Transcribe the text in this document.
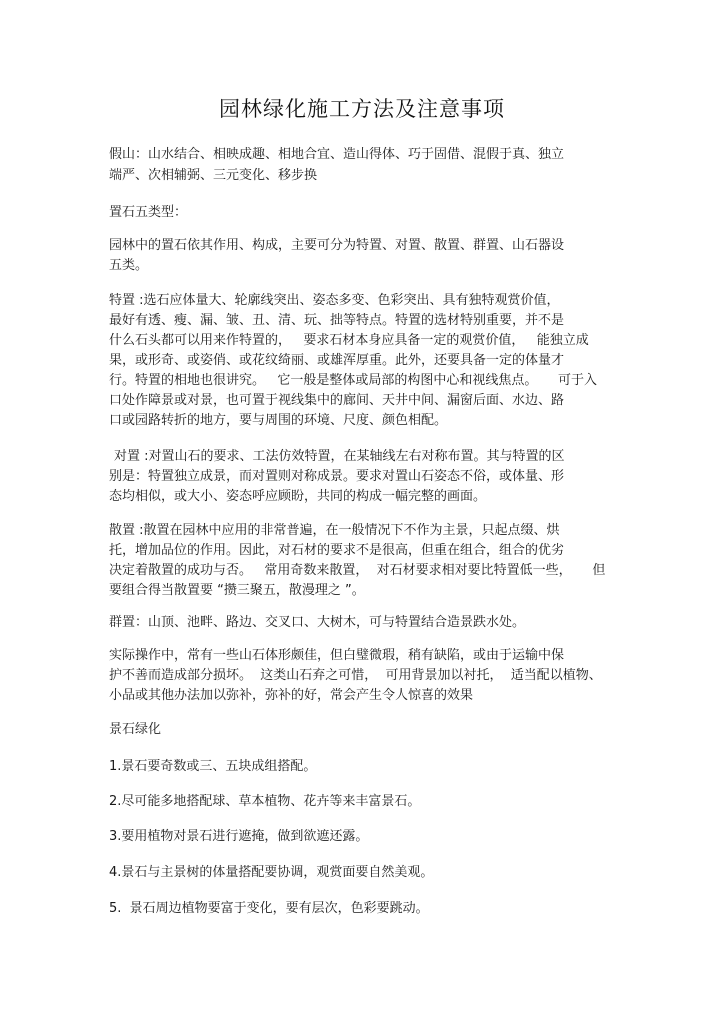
园林绿化施工方法及注意事项
假山：山水结合、相映成趣、相地合宜、造山得体、巧于固借、混假于真、独立
端严、次相辅弼、三元变化、移步换
置石五类型：
园林中的置石依其作用、构成，主要可分为特置、对置、散置、群置、山石器设
五类。
特置 :选石应体量大、轮廓线突出、姿态多变、色彩突出、具有独特观赏价值，
最好有透、瘦、漏、皱、丑、清、玩、拙等特点。特置的选材特别重要，并不是
什么石头都可以用来作特置的，   要求石材本身应具备一定的观赏价值，   能独立成
果，或形奇、或姿俏、或花纹绮丽、或雄浑厚重。此外，还要具备一定的体量才
行。特置的相地也很讲究。   它一般是整体或局部的构图中心和视线焦点。     可于入
口处作障景或对景，也可置于视线集中的廊间、天井中间、漏窗后面、水边、路
口或园路转折的地方，要与周围的环境、尺度、颜色相配。
对置 :对置山石的要求、工法仿效特置，在某轴线左右对称布置。其与特置的区
别是：特置独立成景，而对置则对称成景。要求对置山石姿态不俗，或体量、形
态均相似，或大小、姿态呼应顾盼，共同的构成一幅完整的画面。
散置 :散置在园林中应用的非常普遍，在一般情况下不作为主景，只起点缀、烘
托，增加品位的作用。因此，对石材的要求不是很高，但重在组合，组合的优劣
决定着散置的成功与否。   常用奇数来散置，  对石材要求相对要比特置低一些，     但
要组合得当散置要 “攒三聚五，散漫理之 ”。
群置：山顶、池畔、路边、交叉口、大树木，可与特置结合造景跌水处。
实际操作中，常有一些山石体形颇佳，但白璧微瑕，稍有缺陷，或由于运输中保
护不善而造成部分损坏。  这类山石弃之可惜，  可用背景加以衬托，  适当配以植物、
小品或其他办法加以弥补，弥补的好，常会产生令人惊喜的效果
景石绿化
1.景石要奇数或三、五块成组搭配。
2.尽可能多地搭配球、草本植物、花卉等来丰富景石。
3.要用植物对景石进行遮掩，做到欲遮还露。
4.景石与主景树的体量搭配要协调，观赏面要自然美观。
5.  景石周边植物要富于变化，要有层次，色彩要跳动。
